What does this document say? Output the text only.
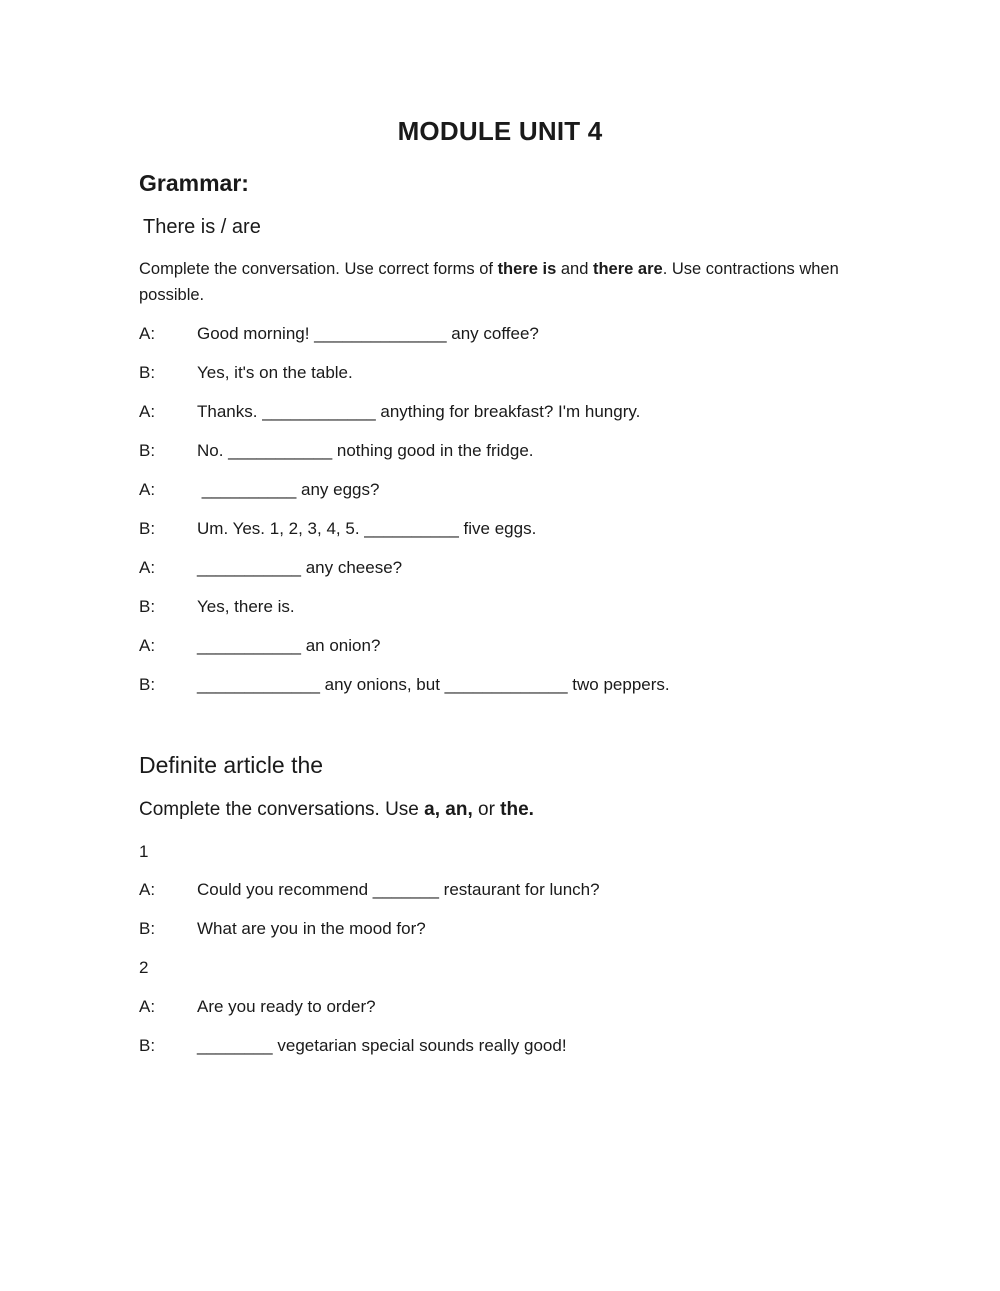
MODULE UNIT 4
Grammar:
There is / are
Complete the conversation. Use correct forms of there is and there are. Use contractions when possible.
A: Good morning! ______________ any coffee?
B: Yes, it's on the table.
A: Thanks. ____________ anything for breakfast? I'm hungry.
B: No. ___________ nothing good in the fridge.
A: __________ any eggs?
B: Um. Yes. 1, 2, 3, 4, 5. __________ five eggs.
A: ___________ any cheese?
B: Yes, there is.
A: ___________ an onion?
B: _____________ any onions, but _____________ two peppers.
Definite article the
Complete the conversations. Use a, an, or the.
1
A: Could you recommend _______ restaurant for lunch?
B: What are you in the mood for?
2
A: Are you ready to order?
B: ________ vegetarian special sounds really good!
